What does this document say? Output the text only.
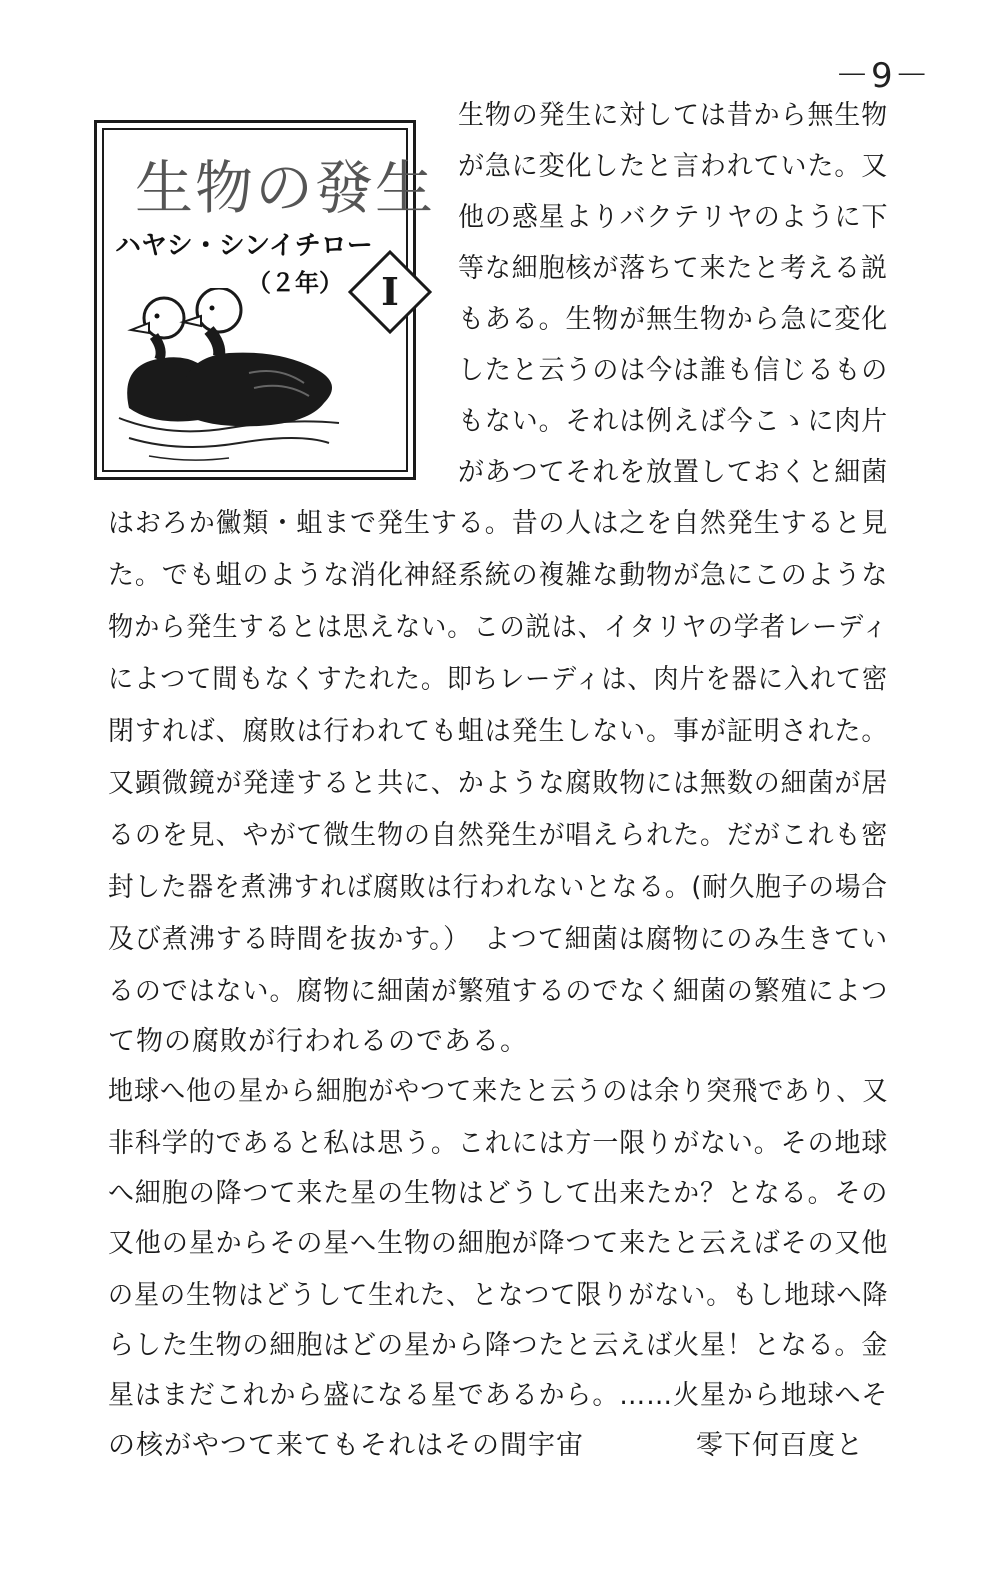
－9－
生物の發生
ハヤシ・シンイチロー
（２年） Ⅰ
生物の発生に対しては昔から無生物
が急に変化したと言われていた。又
他の惑星よりバクテリヤのように下
等な細胞核が落ちて来たと考える説
もある。生物が無生物から急に変化
したと云うのは今は誰も信じるもの
もない。それは例えば今こゝに肉片
があつてそれを放置しておくと細菌
はおろか黴類・蛆まで発生する。昔の人は之を自然発生すると見
た。でも蛆のような消化神経系統の複雑な動物が急にこのような
物から発生するとは思えない。この説は、イタリヤの学者レーディ
によつて間もなくすたれた。即ちレーディは、肉片を器に入れて密
閉すれば、腐敗は行われても蛆は発生しない。事が証明された。
又顕微鏡が発達すると共に、かような腐敗物には無数の細菌が居
るのを見、やがて微生物の自然発生が唱えられた。だがこれも密
封した器を煮沸すれば腐敗は行われないとなる。(耐久胞子の場合
及び煮沸する時間を抜かす。）　よつて細菌は腐物にのみ生きてい
るのではない。腐物に細菌が繁殖するのでなく細菌の繁殖によつ
て物の腐敗が行われるのである。
地球へ他の星から細胞がやつて来たと云うのは余り突飛であり、又
非科学的であると私は思う。これには方一限りがない。その地球
へ細胞の降つて来た星の生物はどうして出来たか？となる。その
又他の星からその星へ生物の細胞が降つて来たと云えばその又他
の星の生物はどうして生れた、となつて限りがない。もし地球へ降
らした生物の細胞はどの星から降つたと云えば火星！となる。金
星はまだこれから盛になる星であるから。……火星から地球へそ
の核がやつて来てもそれはその間宇宙　　　　零下何百度と
